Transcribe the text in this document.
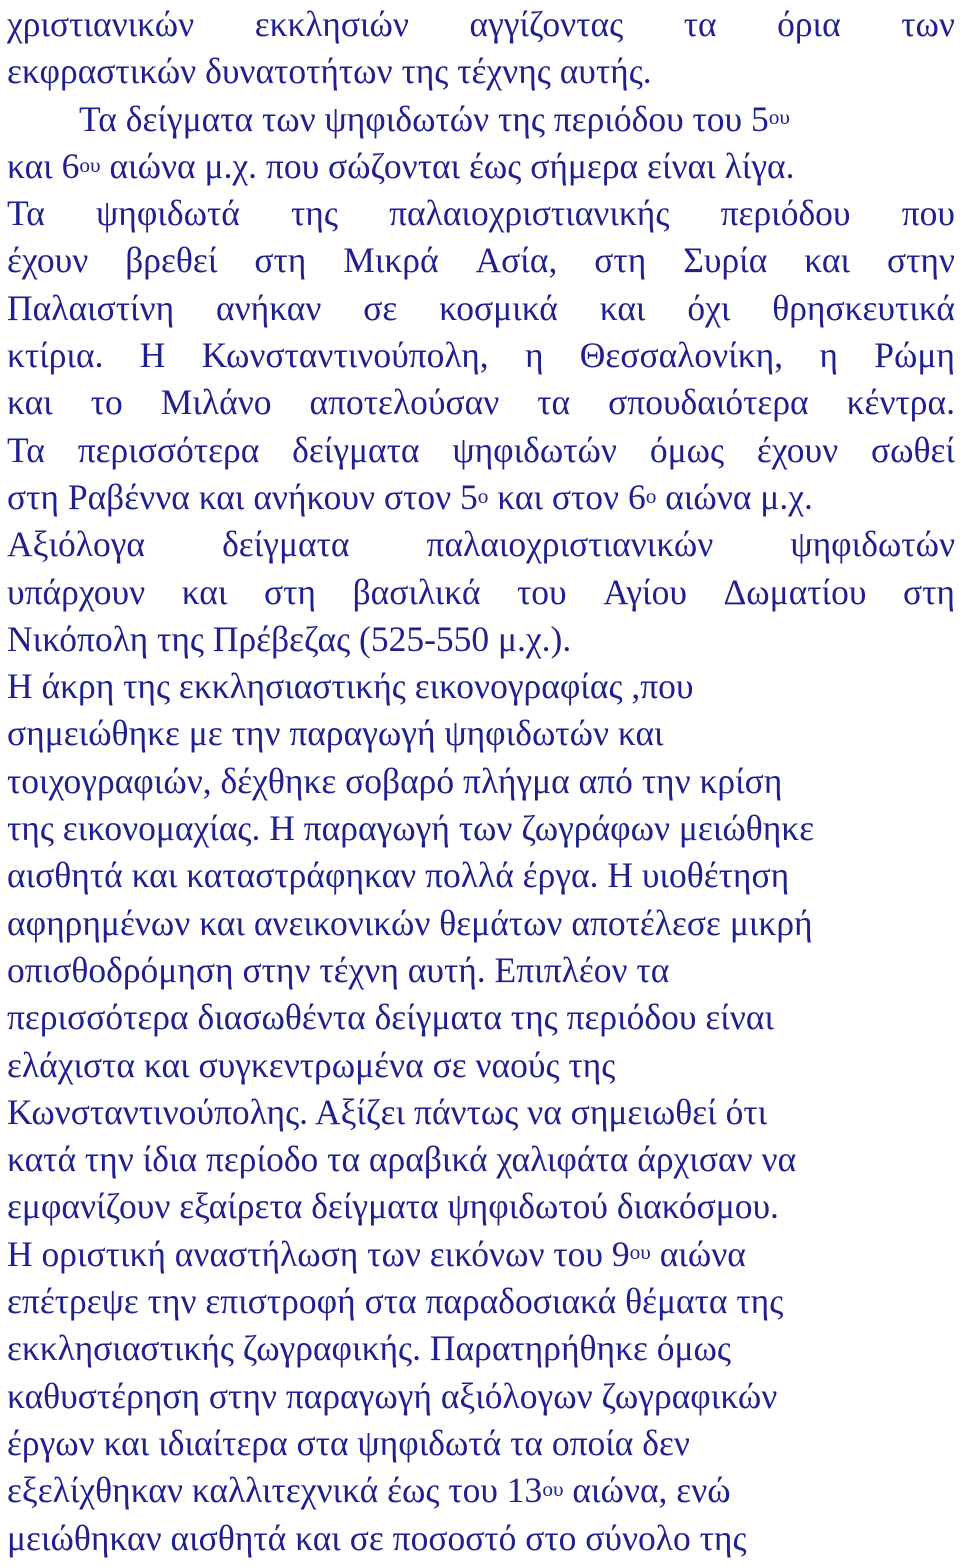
χριστιανικών εκκλησιών αγγίζοντας τα όρια των
εκφραστικών δυνατοτήτων της τέχνης αυτής.
Τα δείγματα των ψηφιδωτών της περιόδου του $5^{o\upsilon}$
και $6^{o\upsilon}$ αιώνα μ.χ. που σώζονται έως σήμερα είναι λίγα.
Τα ψηφιδωτά της παλαιοχριστιανικής περιόδου που
έχουν βρεθεί στη Μικρά Ασία, στη Συρία και στην
Παλαιστίνη ανήκαν σε κοσμικά και όχι θρησκευτικά
κτίρια. Η Κωνσταντινούπολη, η Θεσσαλονίκη, η Ρώμη
και το Μιλάνο αποτελούσαν τα σπουδαιότερα κέντρα.
Τα περισσότερα δείγματα ψηφιδωτών όμως έχουν σωθεί
στη Ραβέννα και ανήκουν στον $5^o$ και στον $6^o$ αιώνα μ.χ.
Αξιόλογα δείγματα παλαιοχριστιανικών ψηφιδωτών
υπάρχουν και στη βασιλικά του Αγίου Δωματίου στη
Νικόπολη της Πρέβεζας (525-550 μ.χ.).
Η άκρη της εκκλησιαστικής εικονογραφίας ,που
σημειώθηκε με την παραγωγή ψηφιδωτών και
τοιχογραφιών, δέχθηκε σοβαρό πλήγμα από την κρίση
της εικονομαχίας. Η παραγωγή των ζωγράφων μειώθηκε
αισθητά και καταστράφηκαν πολλά έργα. Η υιοθέτηση
αφηρημένων και ανεικονικών θεμάτων αποτέλεσε μικρή
οπισθοδρόμηση στην τέχνη αυτή. Επιπλέον τα
περισσότερα διασωθέντα δείγματα της περιόδου είναι
ελάχιστα και συγκεντρωμένα σε ναούς της
Κωνσταντινούπολης. Αξίζει πάντως να σημειωθεί ότι
κατά την ίδια περίοδο τα αραβικά χαλιφάτα άρχισαν να
εμφανίζουν εξαίρετα δείγματα ψηφιδωτού διακόσμου.
Η οριστική αναστήλωση των εικόνων του $9^{o\upsilon}$ αιώνα
επέτρεψε την επιστροφή στα παραδοσιακά θέματα της
εκκλησιαστικής ζωγραφικής. Παρατηρήθηκε όμως
καθυστέρηση στην παραγωγή αξιόλογων ζωγραφικών
έργων και ιδιαίτερα στα ψηφιδωτά τα οποία δεν
εξελίχθηκαν καλλιτεχνικά έως του $13^{o\upsilon}$ αιώνα, ενώ
μειώθηκαν αισθητά και σε ποσοστό στο σύνολο της
